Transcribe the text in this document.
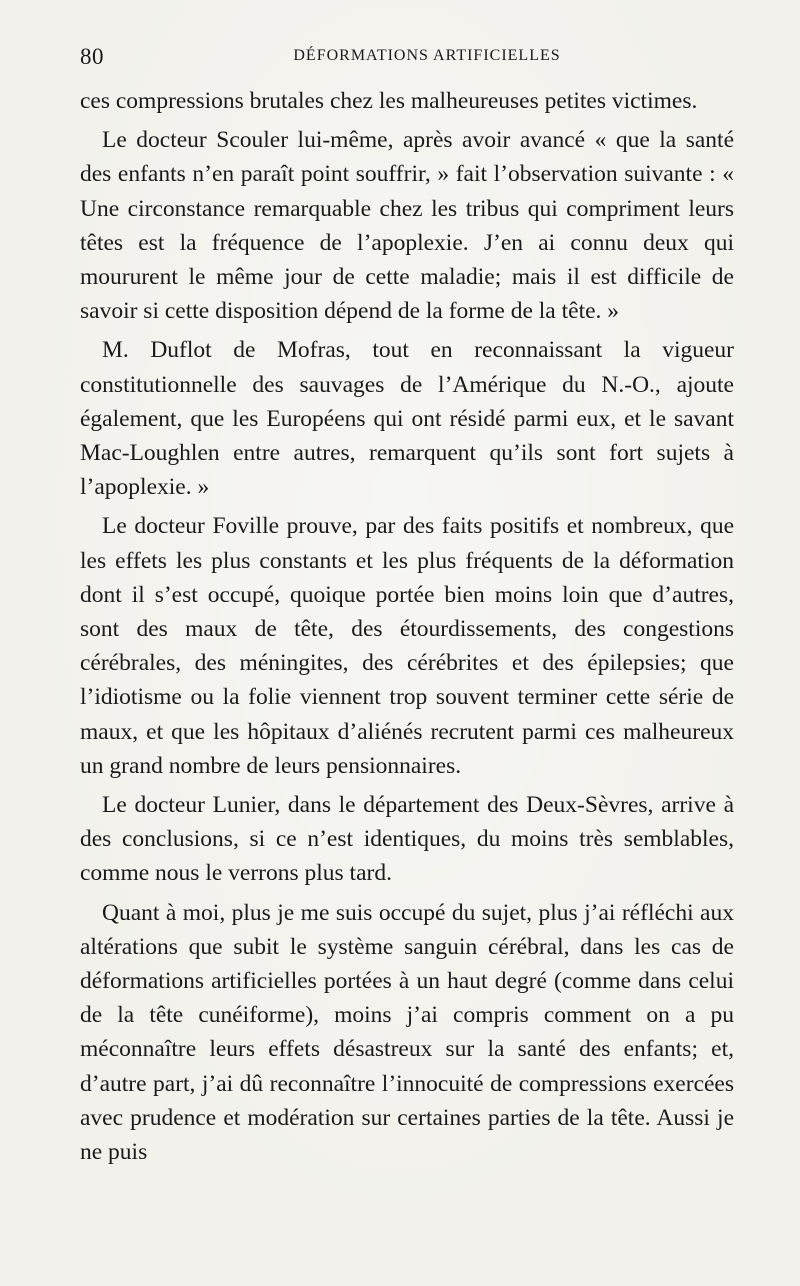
80	DÉFORMATIONS ARTIFICIELLES

ces compressions brutales chez les malheureuses petites victimes.

Le docteur Scouler lui-même, après avoir avancé « que la santé des enfants n’en paraît point souffrir, » fait l’observation suivante : « Une circonstance remarquable chez les tribus qui compriment leurs têtes est la fréquence de l’apoplexie. J’en ai connu deux qui moururent le même jour de cette maladie; mais il est difficile de savoir si cette disposition dépend de la forme de la tête. »

M. Duflot de Mofras, tout en reconnaissant la vigueur constitutionnelle des sauvages de l’Amérique du N.-O., ajoute également, que les Européens qui ont résidé parmi eux, et le savant Mac-Loughlen entre autres, remarquent qu’ils sont fort sujets à l’apoplexie. »

Le docteur Foville prouve, par des faits positifs et nombreux, que les effets les plus constants et les plus fréquents de la déformation dont il s’est occupé, quoique portée bien moins loin que d’autres, sont des maux de tête, des étourdissements, des congestions cérébrales, des méningites, des cérébrites et des épilepsies; que l’idiotisme ou la folie viennent trop souvent terminer cette série de maux, et que les hôpitaux d’aliénés recrutent parmi ces malheureux un grand nombre de leurs pensionnaires.

Le docteur Lunier, dans le département des Deux-Sèvres, arrive à des conclusions, si ce n’est identiques, du moins très semblables, comme nous le verrons plus tard.

Quant à moi, plus je me suis occupé du sujet, plus j’ai réfléchi aux altérations que subit le système sanguin cérébral, dans les cas de déformations artificielles portées à un haut degré (comme dans celui de la tête cunéiforme), moins j’ai compris comment on a pu méconnaître leurs effets désastreux sur la santé des enfants; et, d’autre part, j’ai dû reconnaître l’innocuité de compressions exercées avec prudence et modération sur certaines parties de la tête. Aussi je ne puis
